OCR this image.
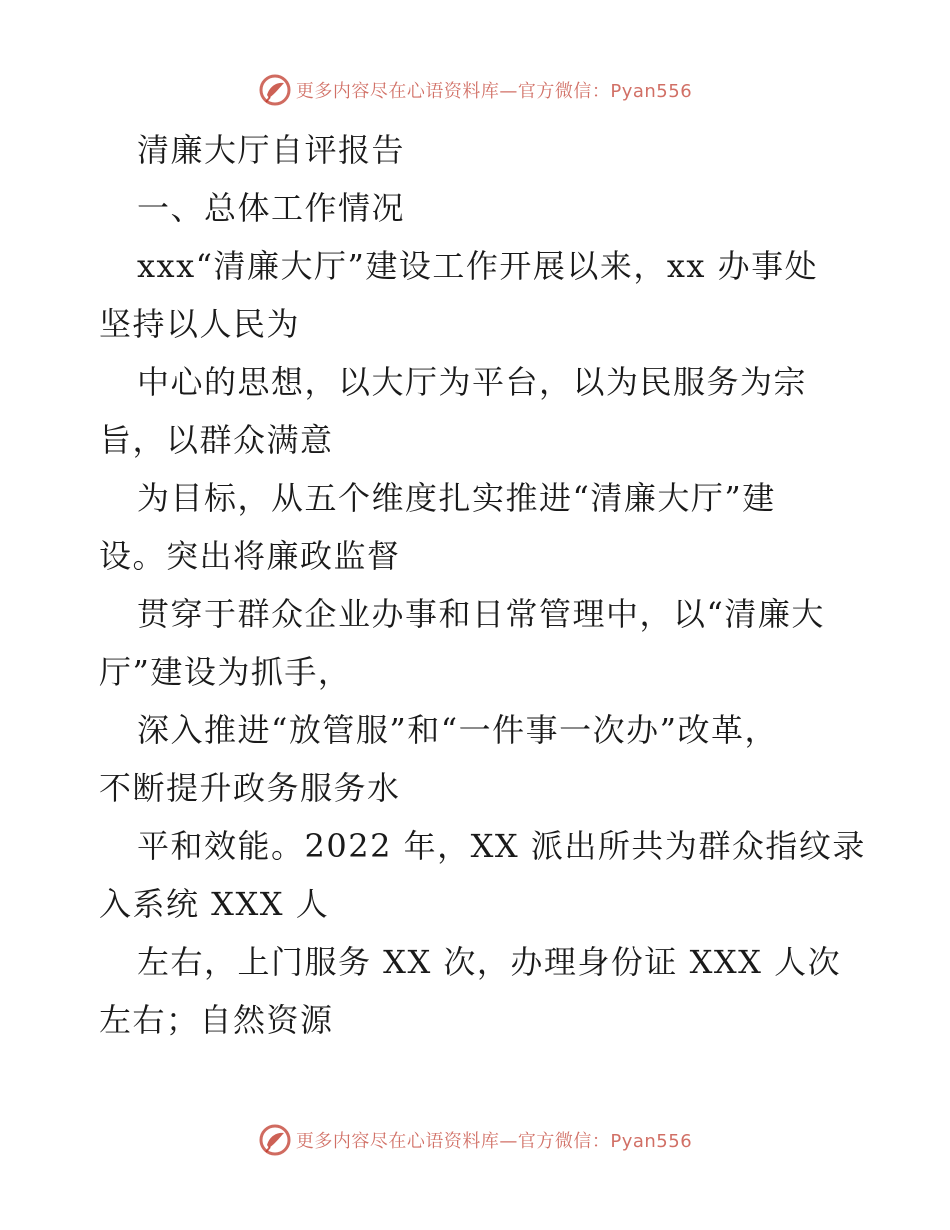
更多内容尽在心语资料库—官方微信：Pyan556
清廉大厅自评报告
一、总体工作情况
xxx“清廉大厅”建设工作开展以来，xx 办事处
坚持以人民为
中心的思想，以大厅为平台，以为民服务为宗
旨，以群众满意
为目标，从五个维度扎实推进“清廉大厅”建
设。突出将廉政监督
贯穿于群众企业办事和日常管理中，以“清廉大
厅”建设为抓手，
深入推进“放管服”和“一件事一次办”改革，
不断提升政务服务水
平和效能。2022 年，XX 派出所共为群众指纹录
入系统 XXX 人
左右，上门服务 XX 次，办理身份证 XXX 人次
左右；自然资源
更多内容尽在心语资料库—官方微信：Pyan556
